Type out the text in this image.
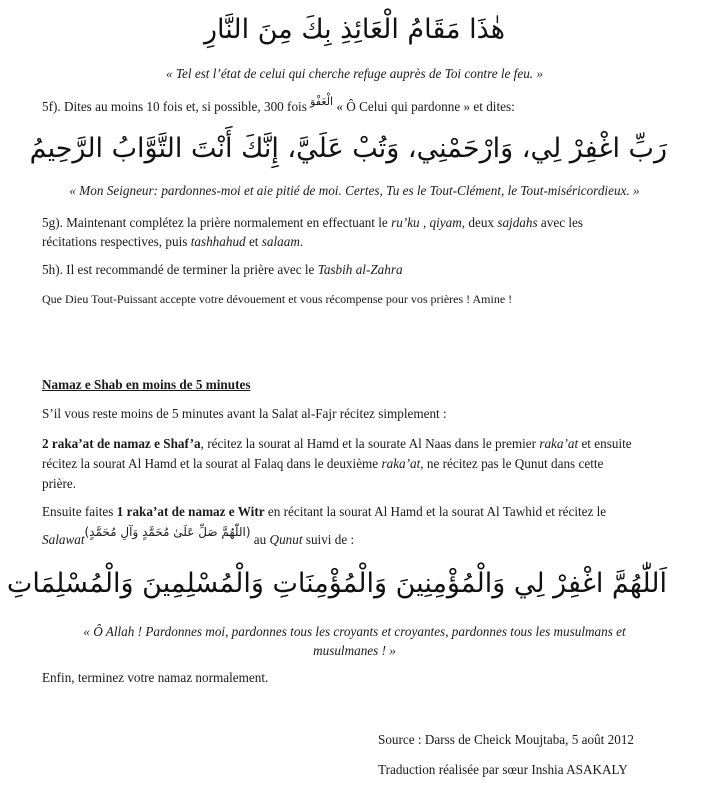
هٰذَا مَقَامُ الْعَائِذِ بِكَ مِنَ النَّارِ
« Tel est l’état de celui qui cherche refuge auprès de Toi contre le feu. »
5f). Dites au moins 10 fois et, si possible, 300 fois الْعَفْوَ « Ô Celui qui pardonne » et dites:
رَبِّ اغْفِرْ لِي، وَارْحَمْنِي، وَتُبْ عَلَيَّ، إِنَّكَ أَنْتَ التَّوَّابُ الرَّحِيمُ
« Mon Seigneur: pardonnes-moi et aie pitié de moi. Certes, Tu es le Tout-Clément, le Tout-miséricordieux. »
5g). Maintenant complétez la prière normalement en effectuant le ru’ku , qiyam, deux sajdahs avec les
récitations respectives, puis tashhahud et salaam.
5h). Il est recommandé de terminer la prière avec le Tasbih al-Zahra
Que Dieu Tout-Puissant accepte votre dévouement et vous récompense pour vos prières ! Amine !
Namaz e Shab en moins de 5 minutes
S’il vous reste moins de 5 minutes avant la Salat al-Fajr récitez simplement :
2 raka’at de namaz e Shaf’a, récitez la sourat al Hamd et la sourate Al Naas dans le premier raka’at et ensuite
récitez la sourat Al Hamd et la sourat al Falaq dans le deuxième raka’at, ne récitez pas le Qunut dans cette
prière.
Ensuite faites 1 raka’at de namaz e Witr en récitant la sourat Al Hamd et la sourat Al Tawhid et récitez le
Salawat(اللّٰهُمَّ صَلِّ عَلَىٰ مُحَمَّدٍ وَآلِ مُحَمَّدٍ) au Qunut suivi de :
اَللّٰهُمَّ اغْفِرْ لِي وَالْمُؤْمِنِينَ وَالْمُؤْمِنَاتِ وَالْمُسْلِمِينَ وَالْمُسْلِمَاتِ
« Ô Allah ! Pardonnes moi, pardonnes tous les croyants et croyantes, pardonnes tous les musulmans et
musulmanes ! »
Enfin, terminez votre namaz normalement.
Source : Darss de Cheick Moujtaba, 5 août 2012
Traduction réalisée par sœur Inshia ASAKALY
